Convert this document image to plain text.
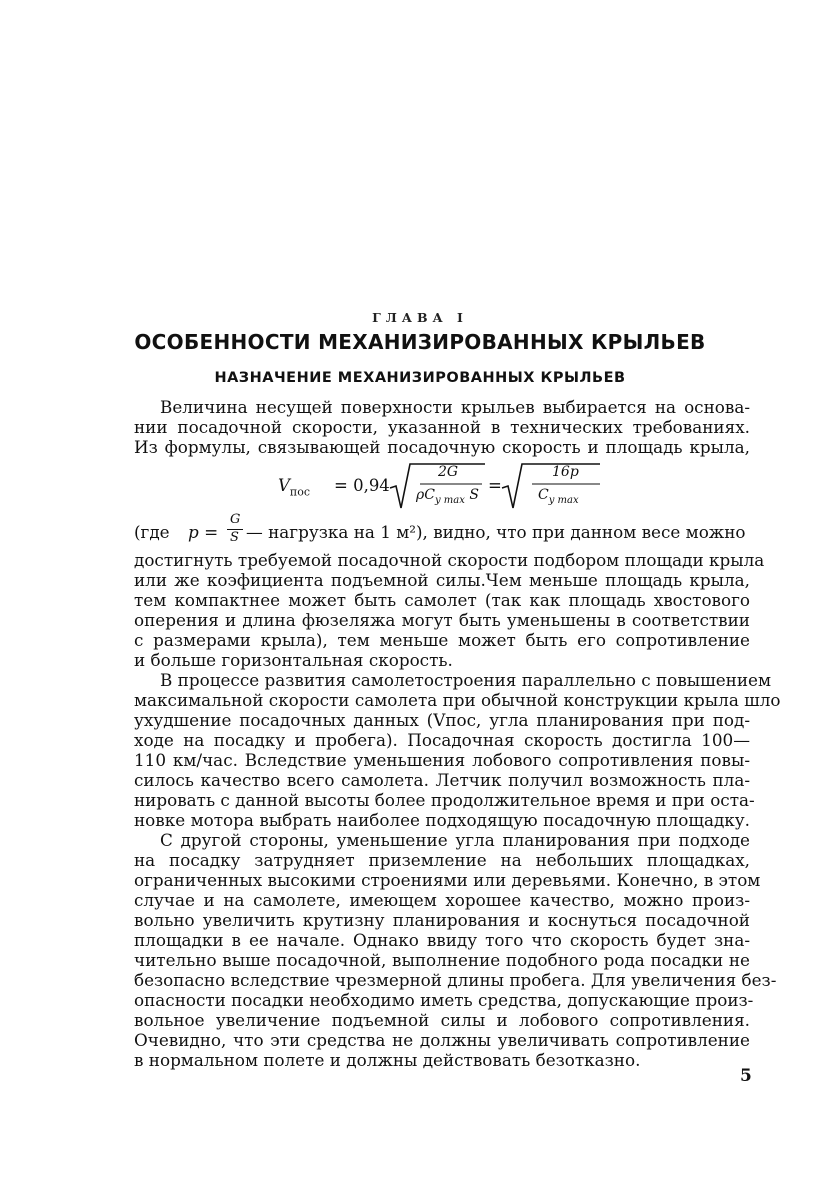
ГЛАВА I
ОСОБЕННОСТИ МЕХАНИЗИРОВАННЫХ КРЫЛЬЕВ
НАЗНАЧЕНИЕ МЕХАНИЗИРОВАННЫХ КРЫЛЬЕВ
Величина несущей поверхности крыльев выбирается на основа-
нии посадочной скорости, указанной в технических требованиях.
Из формулы, связывающей посадочную скорость и площадь крыла,
$V_{пос} = 0,94$
2G
$\rho C_{y max}$ S =
16p
$C_{y max}$
(где p =
G
S — нагрузка на 1 м²), видно, что при данном весе можно
достигнуть требуемой посадочной скорости подбором площади крыла
или же коэфициента подъемной силы.Чем меньше площадь крыла,
тем компактнее может быть самолет (так как площадь хвостового
оперения и длина фюзеляжа могут быть уменьшены в соответствии
с размерами крыла), тем меньше может быть его сопротивление
и больше горизонтальная скорость.
В процессе развития самолетостроения параллельно с повышением
максимальной скорости самолета при обычной конструкции крыла шло
ухудшение посадочных данных (Vпос, угла планирования при под-
ходе на посадку и пробега). Посадочная скорость достигла 100—
110 км/час. Вследствие уменьшения лобового сопротивления повы-
силось качество всего самолета. Летчик получил возможность пла-
нировать с данной высоты более продолжительное время и при оста-
новке мотора выбрать наиболее подходящую посадочную площадку.
С другой стороны, уменьшение угла планирования при подходе
на посадку затрудняет приземление на небольших площадках,
ограниченных высокими строениями или деревьями. Конечно, в этом
случае и на самолете, имеющем хорошее качество, можно произ-
вольно увеличить крутизну планирования и коснуться посадочной
площадки в ее начале. Однако ввиду того что скорость будет зна-
чительно выше посадочной, выполнение подобного рода посадки не
безопасно вследствие чрезмерной длины пробега. Для увеличения без-
опасности посадки необходимо иметь средства, допускающие произ-
вольное увеличение подъемной силы и лобового сопротивления.
Очевидно, что эти средства не должны увеличивать сопротивление
в нормальном полете и должны действовать безотказно.
5
